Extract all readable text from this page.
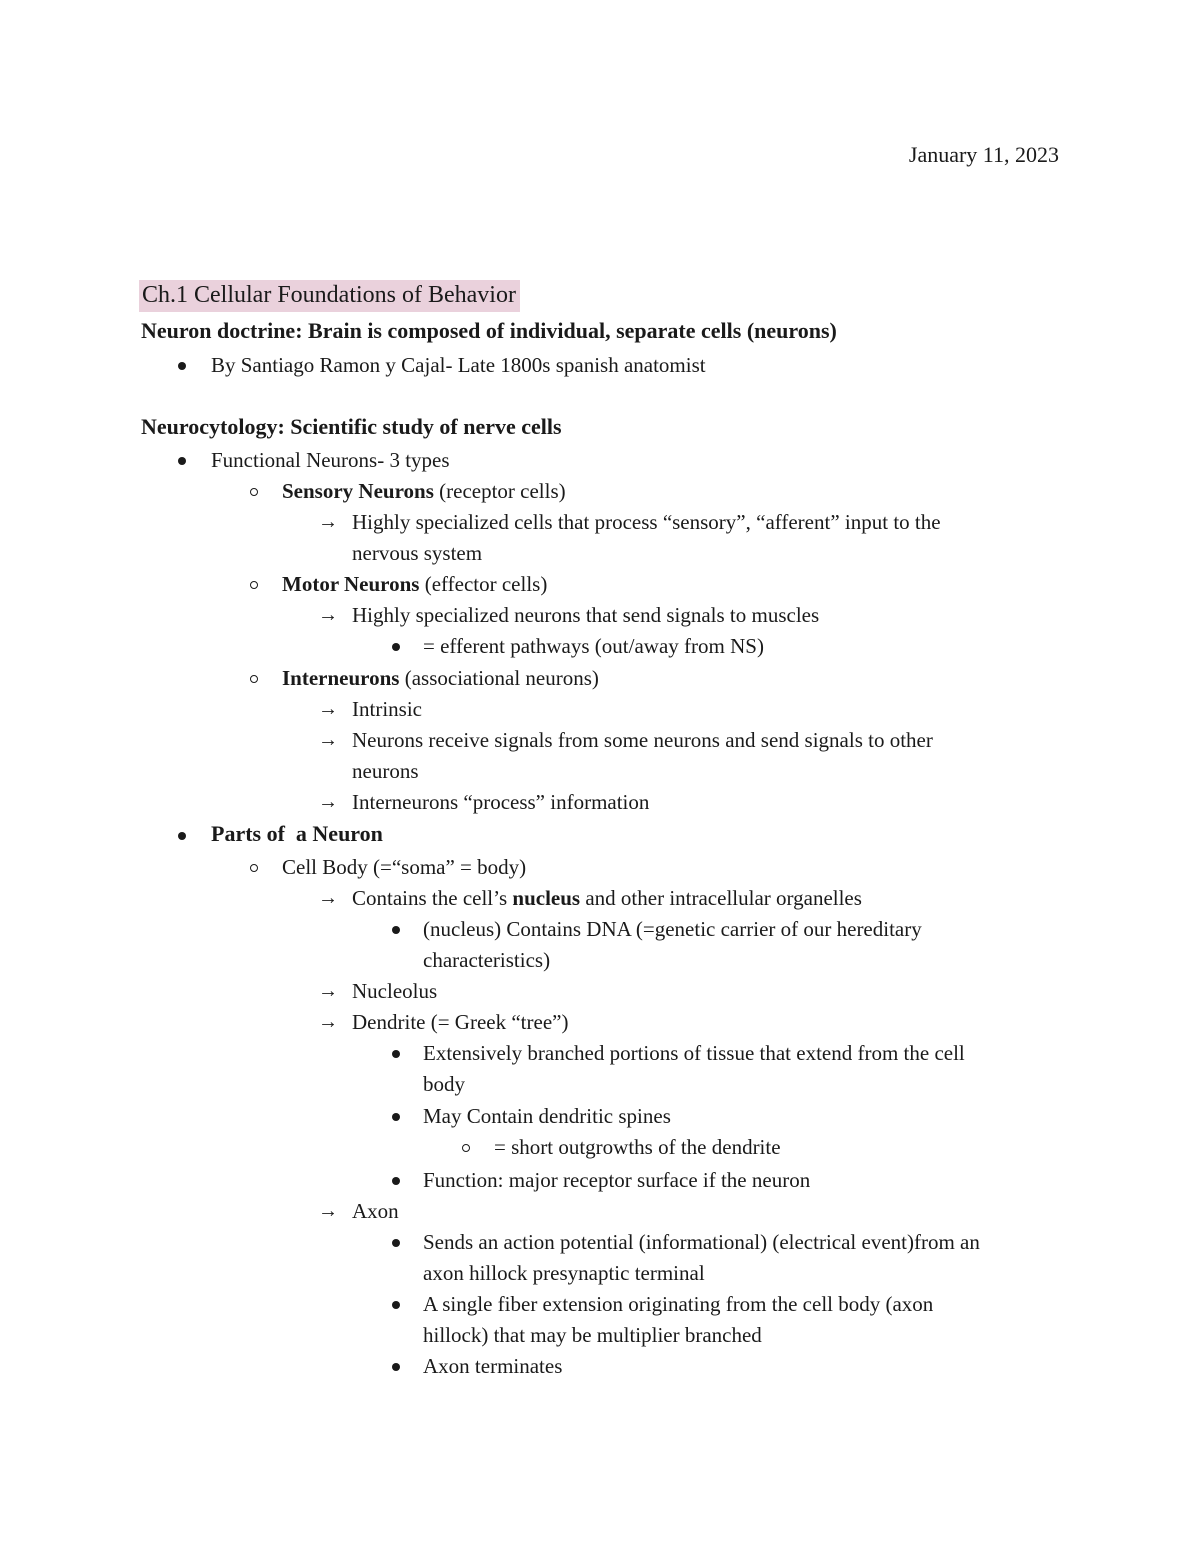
January 11, 2023
Ch.1 Cellular Foundations of Behavior
Neuron doctrine: Brain is composed of individual, separate cells (neurons)
By Santiago Ramon y Cajal- Late 1800s spanish anatomist
Neurocytology: Scientific study of nerve cells
Functional Neurons- 3 types
Sensory Neurons (receptor cells)
→ Highly specialized cells that process “sensory”, “afferent” input to the
nervous system
Motor Neurons (effector cells)
→ Highly specialized neurons that send signals to muscles
= efferent pathways (out/away from NS)
Interneurons (associational neurons)
→ Intrinsic
→ Neurons receive signals from some neurons and send signals to other
neurons
→ Interneurons “process” information
Parts of  a Neuron
Cell Body (=“soma” = body)
→ Contains the cell’s nucleus and other intracellular organelles
(nucleus) Contains DNA (=genetic carrier of our hereditary
characteristics)
→ Nucleolus
→ Dendrite (= Greek “tree”)
Extensively branched portions of tissue that extend from the cell
body
May Contain dendritic spines
= short outgrowths of the dendrite
Function: major receptor surface if the neuron
→ Axon
Sends an action potential (informational) (electrical event)from an
axon hillock presynaptic terminal
A single fiber extension originating from the cell body (axon
hillock) that may be multiplier branched
Axon terminates
